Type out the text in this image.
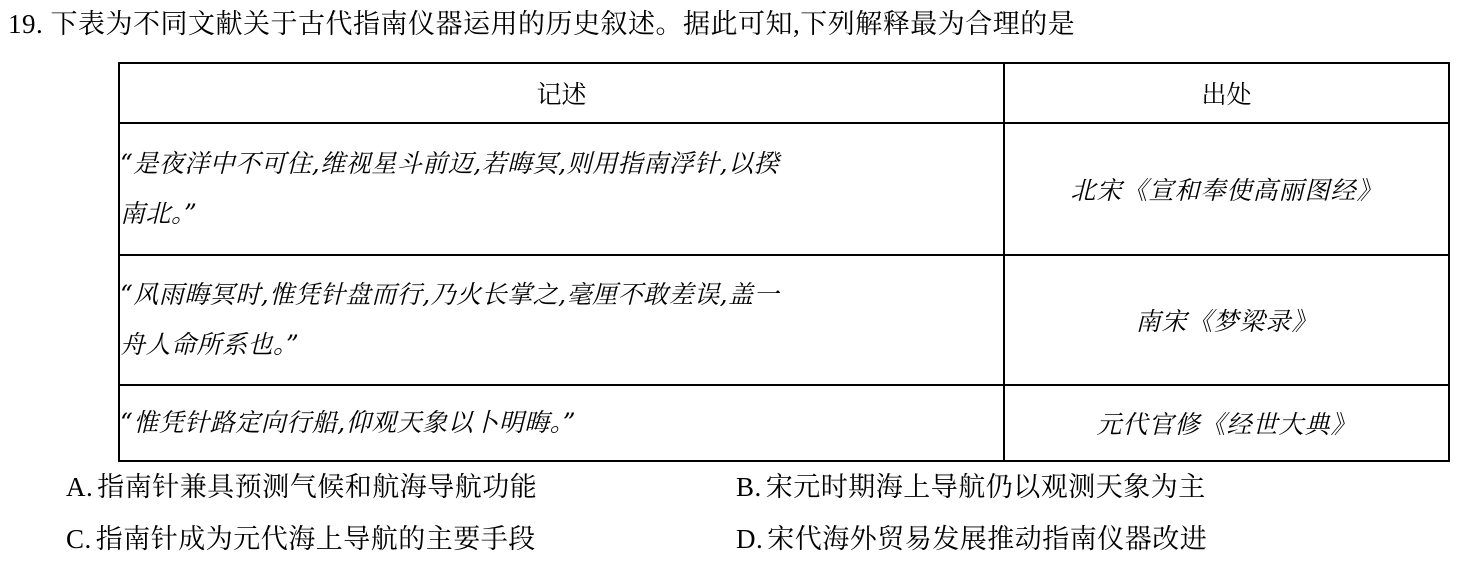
19. 下表为不同文献关于古代指南仪器运用的历史叙述。据此可知,下列解释最为合理的是
记述	出处
“是夜洋中不可住,维视星斗前迈,若晦冥,则用指南浮针,以揆
南北。”	北宋《宣和奉使高丽图经》
“风雨晦冥时,惟凭针盘而行,乃火长掌之,毫厘不敢差误,盖一
舟人命所系也。”	南宋《梦梁录》
“惟凭针路定向行船,仰观天象以卜明晦。”	元代官修《经世大典》
A. 指南针兼具预测气候和航海导航功能	B. 宋元时期海上导航仍以观测天象为主
C. 指南针成为元代海上导航的主要手段	D. 宋代海外贸易发展推动指南仪器改进
